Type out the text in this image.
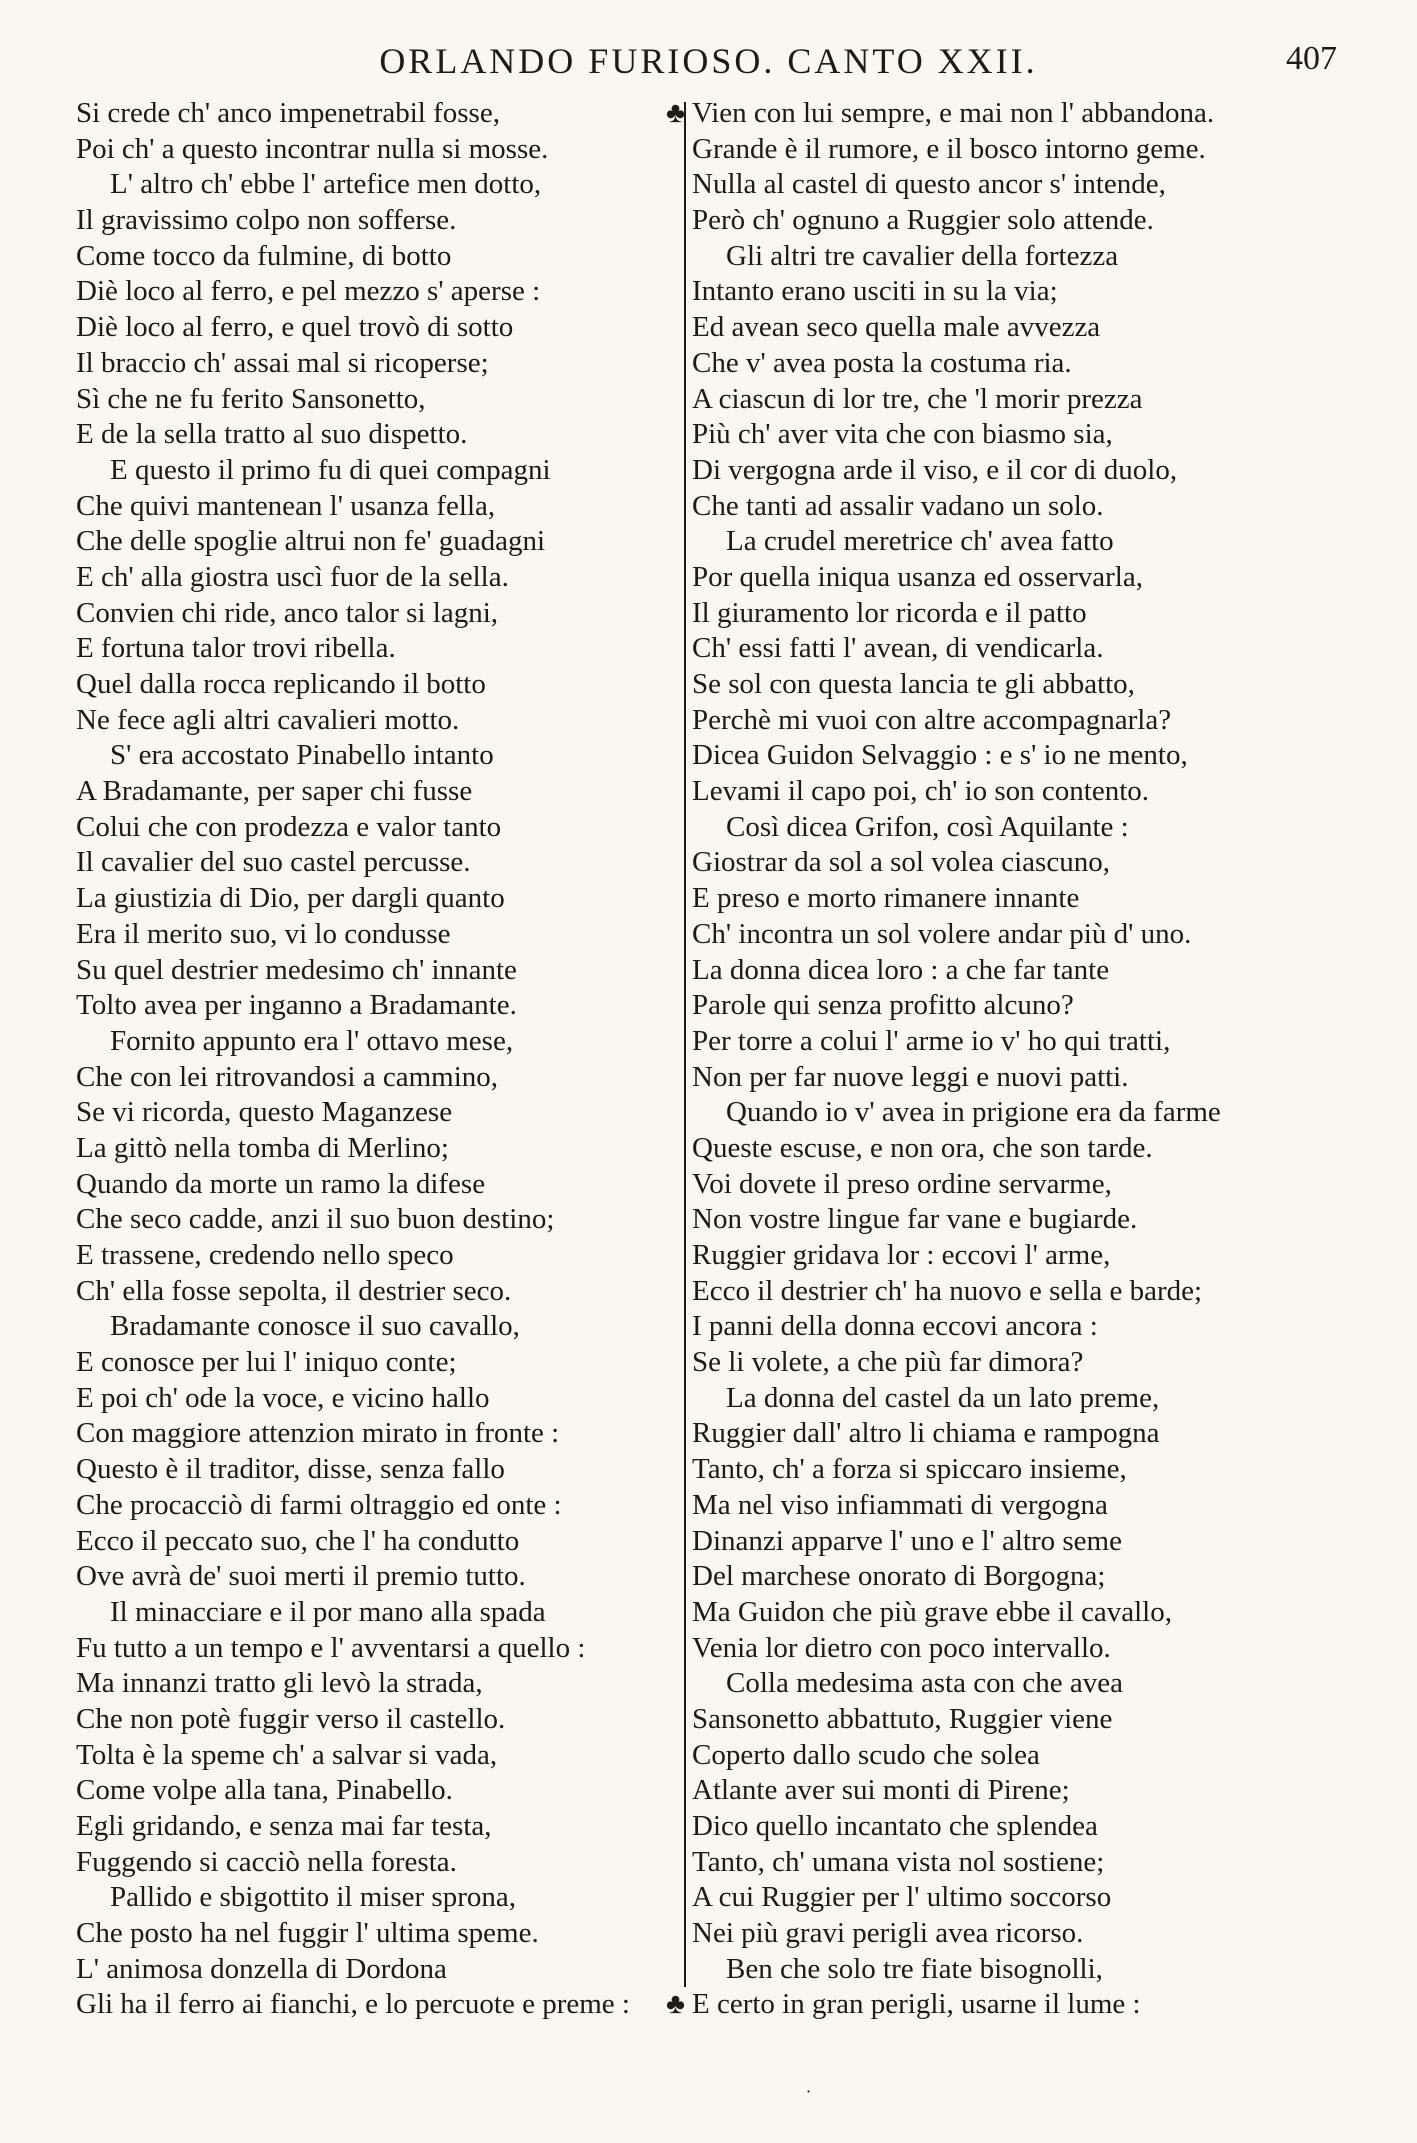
ORLANDO FURIOSO. CANTO XXII.	407
Si crede ch' anco impenetrabil fosse,
Poi ch' a questo incontrar nulla si mosse.
L' altro ch' ebbe l' artefice men dotto,
Il gravissimo colpo non sofferse.
Come tocco da fulmine, di botto
Diè loco al ferro, e pel mezzo s' aperse :
Diè loco al ferro, e quel trovò di sotto
Il braccio ch' assai mal si ricoperse;
Sì che ne fu ferito Sansonetto,
E de la sella tratto al suo dispetto.
E questo il primo fu di quei compagni
Che quivi mantenean l' usanza fella,
Che delle spoglie altrui non fe' guadagni
E ch' alla giostra uscì fuor de la sella.
Convien chi ride, anco talor si lagni,
E fortuna talor trovi ribella.
Quel dalla rocca replicando il botto
Ne fece agli altri cavalieri motto.
S' era accostato Pinabello intanto
A Bradamante, per saper chi fusse
Colui che con prodezza e valor tanto
Il cavalier del suo castel percusse.
La giustizia di Dio, per dargli quanto
Era il merito suo, vi lo condusse
Su quel destrier medesimo ch' innante
Tolto avea per inganno a Bradamante.
Fornito appunto era l' ottavo mese,
Che con lei ritrovandosi a cammino,
Se vi ricorda, questo Maganzese
La gittò nella tomba di Merlino;
Quando da morte un ramo la difese
Che seco cadde, anzi il suo buon destino;
E trassene, credendo nello speco
Ch' ella fosse sepolta, il destrier seco.
Bradamante conosce il suo cavallo,
E conosce per lui l' iniquo conte;
E poi ch' ode la voce, e vicino hallo
Con maggiore attenzion mirato in fronte :
Questo è il traditor, disse, senza fallo
Che procacciò di farmi oltraggio ed onte :
Ecco il peccato suo, che l' ha condutto
Ove avrà de' suoi merti il premio tutto.
Il minacciare e il por mano alla spada
Fu tutto a un tempo e l' avventarsi a quello :
Ma innanzi tratto gli levò la strada,
Che non potè fuggir verso il castello.
Tolta è la speme ch' a salvar si vada,
Come volpe alla tana, Pinabello.
Egli gridando, e senza mai far testa,
Fuggendo si cacciò nella foresta.
Pallido e sbigottito il miser sprona,
Che posto ha nel fuggir l' ultima speme.
L' animosa donzella di Dordona
Gli ha il ferro ai fianchi, e lo percuote e preme :
♣ Vien con lui sempre, e mai non l' abbandona.
Grande è il rumore, e il bosco intorno geme.
Nulla al castel di questo ancor s' intende,
Però ch' ognuno a Ruggier solo attende.
Gli altri tre cavalier della fortezza
Intanto erano usciti in su la via;
Ed avean seco quella male avvezza
Che v' avea posta la costuma ria.
A ciascun di lor tre, che 'l morir prezza
Più ch' aver vita che con biasmo sia,
Di vergogna arde il viso, e il cor di duolo,
Che tanti ad assalir vadano un solo.
La crudel meretrice ch' avea fatto
Por quella iniqua usanza ed osservarla,
Il giuramento lor ricorda e il patto
Ch' essi fatti l' avean, di vendicarla.
Se sol con questa lancia te gli abbatto,
Perchè mi vuoi con altre accompagnarla?
Dicea Guidon Selvaggio : e s' io ne mento,
Levami il capo poi, ch' io son contento.
Così dicea Grifon, così Aquilante :
Giostrar da sol a sol volea ciascuno,
E preso e morto rimanere innante
Ch' incontra un sol volere andar più d' uno.
La donna dicea loro : a che far tante
Parole qui senza profitto alcuno?
Per torre a colui l' arme io v' ho qui tratti,
Non per far nuove leggi e nuovi patti.
Quando io v' avea in prigione era da farme
Queste escuse, e non ora, che son tarde.
Voi dovete il preso ordine servarme,
Non vostre lingue far vane e bugiarde.
Ruggier gridava lor : eccovi l' arme,
Ecco il destrier ch' ha nuovo e sella e barde;
I panni della donna eccovi ancora :
Se li volete, a che più far dimora?
La donna del castel da un lato preme,
Ruggier dall' altro li chiama e rampogna
Tanto, ch' a forza si spiccaro insieme,
Ma nel viso infiammati di vergogna
Dinanzi apparve l' uno e l' altro seme
Del marchese onorato di Borgogna;
Ma Guidon che più grave ebbe il cavallo,
Venia lor dietro con poco intervallo.
Colla medesima asta con che avea
Sansonetto abbattuto, Ruggier viene
Coperto dallo scudo che solea
Atlante aver sui monti di Pirene;
Dico quello incantato che splendea
Tanto, ch' umana vista nol sostiene;
A cui Ruggier per l' ultimo soccorso
Nei più gravi perigli avea ricorso.
Ben che solo tre fiate bisognolli,
♣ E certo in gran perigli, usarne il lume :
·
